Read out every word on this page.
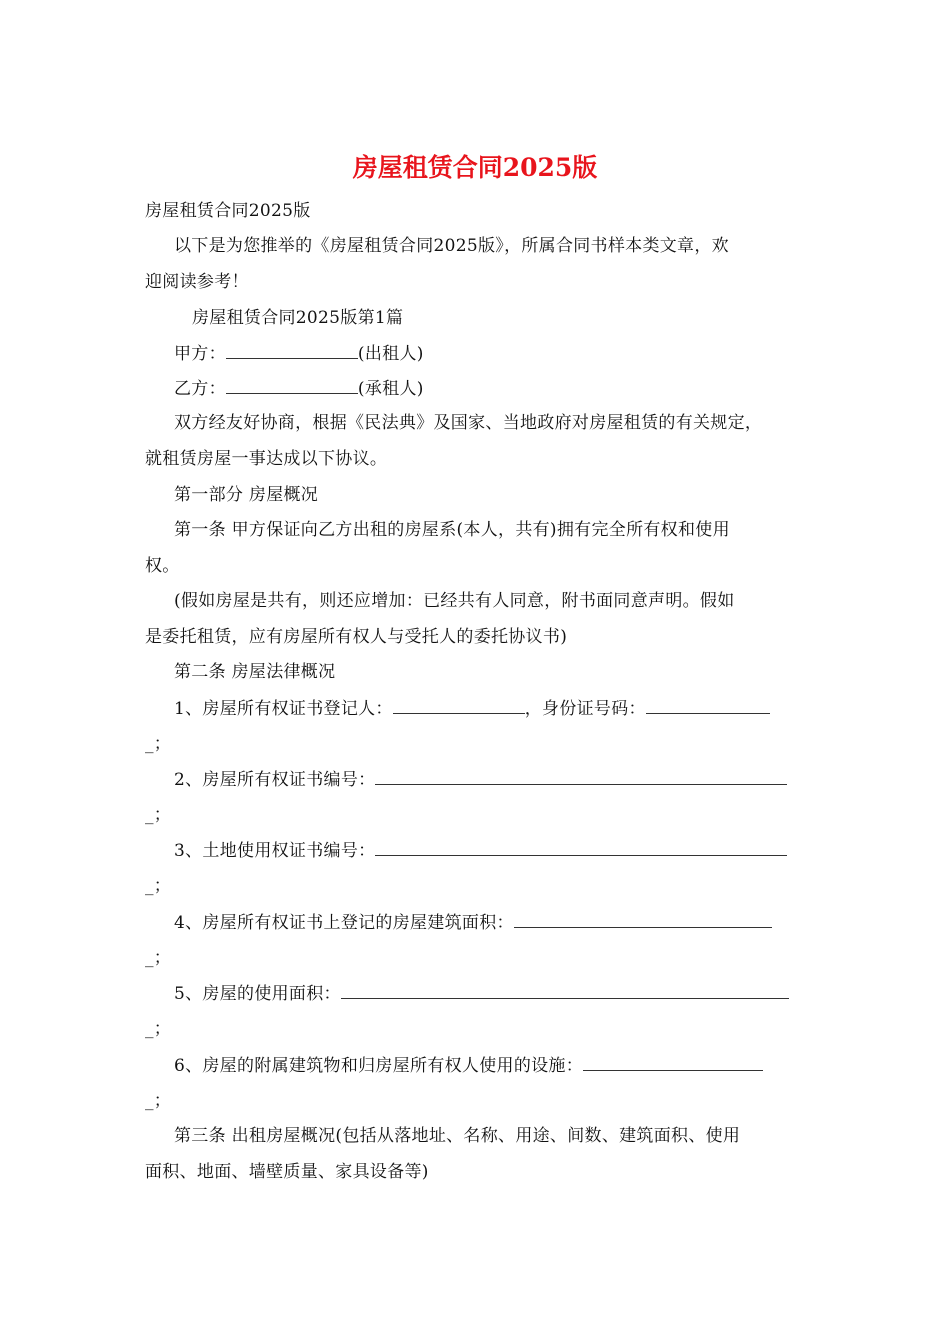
房屋租赁合同2025版
房屋租赁合同2025版
以下是为您推举的《房屋租赁合同2025版》，所属合同书样本类文章，欢
迎阅读参考！
房屋租赁合同2025版第1篇
甲方：	(出租人)
乙方：	(承租人)
双方经友好协商，根据《民法典》及国家、当地政府对房屋租赁的有关规定，
就租赁房屋一事达成以下协议。
第一部分 房屋概况
第一条 甲方保证向乙方出租的房屋系(本人，共有)拥有完全所有权和使用
权。
(假如房屋是共有，则还应增加：已经共有人同意，附书面同意声明。假如
是委托租赁，应有房屋所有权人与受托人的委托协议书)
第二条 房屋法律概况
1、房屋所有权证书登记人：	，身份证号码：
_；
2、房屋所有权证书编号：
_；
3、土地使用权证书编号：
_；
4、房屋所有权证书上登记的房屋建筑面积：
_；
5、房屋的使用面积：
_；
6、房屋的附属建筑物和归房屋所有权人使用的设施：
_；
第三条 出租房屋概况(包括从落地址、名称、用途、间数、建筑面积、使用
面积、地面、墙壁质量、家具设备等)
